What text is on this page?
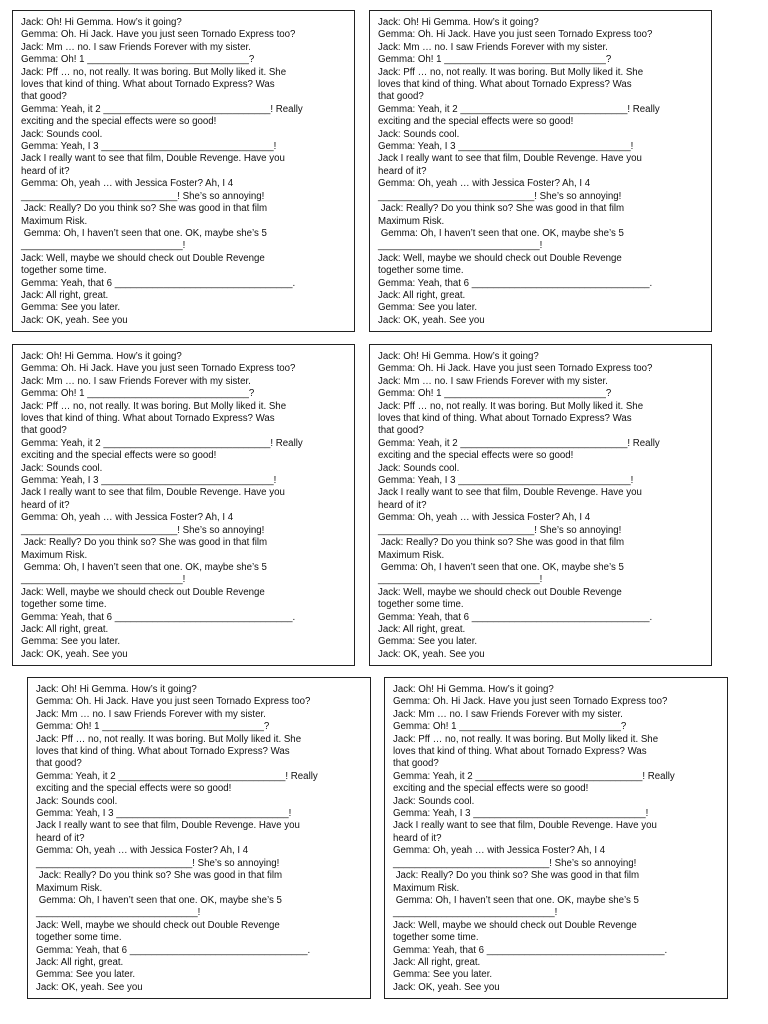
Jack: Oh! Hi Gemma. How’s it going?
Gemma: Oh. Hi Jack. Have you just seen Tornado Express too?
Jack: Mm … no. I saw Friends Forever with my sister.
Gemma: Oh! 1 ______________________________?
Jack: Pff … no, not really. It was boring. But Molly liked it. She
loves that kind of thing. What about Tornado Express? Was
that good?
Gemma: Yeah, it 2 _______________________________! Really
exciting and the special effects were so good!
Jack: Sounds cool.
Gemma: Yeah, I 3 ________________________________!
Jack I really want to see that film, Double Revenge. Have you
heard of it?
Gemma: Oh, yeah … with Jessica Foster? Ah, I 4
_____________________________! She’s so annoying!
Jack: Really? Do you think so? She was good in that film
Maximum Risk.
Gemma: Oh, I haven’t seen that one. OK, maybe she’s 5
______________________________!
Jack: Well, maybe we should check out Double Revenge
together some time.
Gemma: Yeah, that 6 _________________________________.
Jack: All right, great.
Gemma: See you later.
Jack: OK, yeah. See you
Jack: Oh! Hi Gemma. How’s it going?
Gemma: Oh. Hi Jack. Have you just seen Tornado Express too?
Jack: Mm … no. I saw Friends Forever with my sister.
Gemma: Oh! 1 ______________________________?
Jack: Pff … no, not really. It was boring. But Molly liked it. She
loves that kind of thing. What about Tornado Express? Was
that good?
Gemma: Yeah, it 2 _______________________________! Really
exciting and the special effects were so good!
Jack: Sounds cool.
Gemma: Yeah, I 3 ________________________________!
Jack I really want to see that film, Double Revenge. Have you
heard of it?
Gemma: Oh, yeah … with Jessica Foster? Ah, I 4
_____________________________! She’s so annoying!
Jack: Really? Do you think so? She was good in that film
Maximum Risk.
Gemma: Oh, I haven’t seen that one. OK, maybe she’s 5
______________________________!
Jack: Well, maybe we should check out Double Revenge
together some time.
Gemma: Yeah, that 6 _________________________________.
Jack: All right, great.
Gemma: See you later.
Jack: OK, yeah. See you
Jack: Oh! Hi Gemma. How’s it going?
Gemma: Oh. Hi Jack. Have you just seen Tornado Express too?
Jack: Mm … no. I saw Friends Forever with my sister.
Gemma: Oh! 1 ______________________________?
Jack: Pff … no, not really. It was boring. But Molly liked it. She
loves that kind of thing. What about Tornado Express? Was
that good?
Gemma: Yeah, it 2 _______________________________! Really
exciting and the special effects were so good!
Jack: Sounds cool.
Gemma: Yeah, I 3 ________________________________!
Jack I really want to see that film, Double Revenge. Have you
heard of it?
Gemma: Oh, yeah … with Jessica Foster? Ah, I 4
_____________________________! She’s so annoying!
Jack: Really? Do you think so? She was good in that film
Maximum Risk.
Gemma: Oh, I haven’t seen that one. OK, maybe she’s 5
______________________________!
Jack: Well, maybe we should check out Double Revenge
together some time.
Gemma: Yeah, that 6 _________________________________.
Jack: All right, great.
Gemma: See you later.
Jack: OK, yeah. See you
Jack: Oh! Hi Gemma. How’s it going?
Gemma: Oh. Hi Jack. Have you just seen Tornado Express too?
Jack: Mm … no. I saw Friends Forever with my sister.
Gemma: Oh! 1 ______________________________?
Jack: Pff … no, not really. It was boring. But Molly liked it. She
loves that kind of thing. What about Tornado Express? Was
that good?
Gemma: Yeah, it 2 _______________________________! Really
exciting and the special effects were so good!
Jack: Sounds cool.
Gemma: Yeah, I 3 ________________________________!
Jack I really want to see that film, Double Revenge. Have you
heard of it?
Gemma: Oh, yeah … with Jessica Foster? Ah, I 4
_____________________________! She’s so annoying!
Jack: Really? Do you think so? She was good in that film
Maximum Risk.
Gemma: Oh, I haven’t seen that one. OK, maybe she’s 5
______________________________!
Jack: Well, maybe we should check out Double Revenge
together some time.
Gemma: Yeah, that 6 _________________________________.
Jack: All right, great.
Gemma: See you later.
Jack: OK, yeah. See you
Jack: Oh! Hi Gemma. How’s it going?
Gemma: Oh. Hi Jack. Have you just seen Tornado Express too?
Jack: Mm … no. I saw Friends Forever with my sister.
Gemma: Oh! 1 ______________________________?
Jack: Pff … no, not really. It was boring. But Molly liked it. She
loves that kind of thing. What about Tornado Express? Was
that good?
Gemma: Yeah, it 2 _______________________________! Really
exciting and the special effects were so good!
Jack: Sounds cool.
Gemma: Yeah, I 3 ________________________________!
Jack I really want to see that film, Double Revenge. Have you
heard of it?
Gemma: Oh, yeah … with Jessica Foster? Ah, I 4
_____________________________! She’s so annoying!
Jack: Really? Do you think so? She was good in that film
Maximum Risk.
Gemma: Oh, I haven’t seen that one. OK, maybe she’s 5
______________________________!
Jack: Well, maybe we should check out Double Revenge
together some time.
Gemma: Yeah, that 6 _________________________________.
Jack: All right, great.
Gemma: See you later.
Jack: OK, yeah. See you
Jack: Oh! Hi Gemma. How’s it going?
Gemma: Oh. Hi Jack. Have you just seen Tornado Express too?
Jack: Mm … no. I saw Friends Forever with my sister.
Gemma: Oh! 1 ______________________________?
Jack: Pff … no, not really. It was boring. But Molly liked it. She
loves that kind of thing. What about Tornado Express? Was
that good?
Gemma: Yeah, it 2 _______________________________! Really
exciting and the special effects were so good!
Jack: Sounds cool.
Gemma: Yeah, I 3 ________________________________!
Jack I really want to see that film, Double Revenge. Have you
heard of it?
Gemma: Oh, yeah … with Jessica Foster? Ah, I 4
_____________________________! She’s so annoying!
Jack: Really? Do you think so? She was good in that film
Maximum Risk.
Gemma: Oh, I haven’t seen that one. OK, maybe she’s 5
______________________________!
Jack: Well, maybe we should check out Double Revenge
together some time.
Gemma: Yeah, that 6 _________________________________.
Jack: All right, great.
Gemma: See you later.
Jack: OK, yeah. See you
